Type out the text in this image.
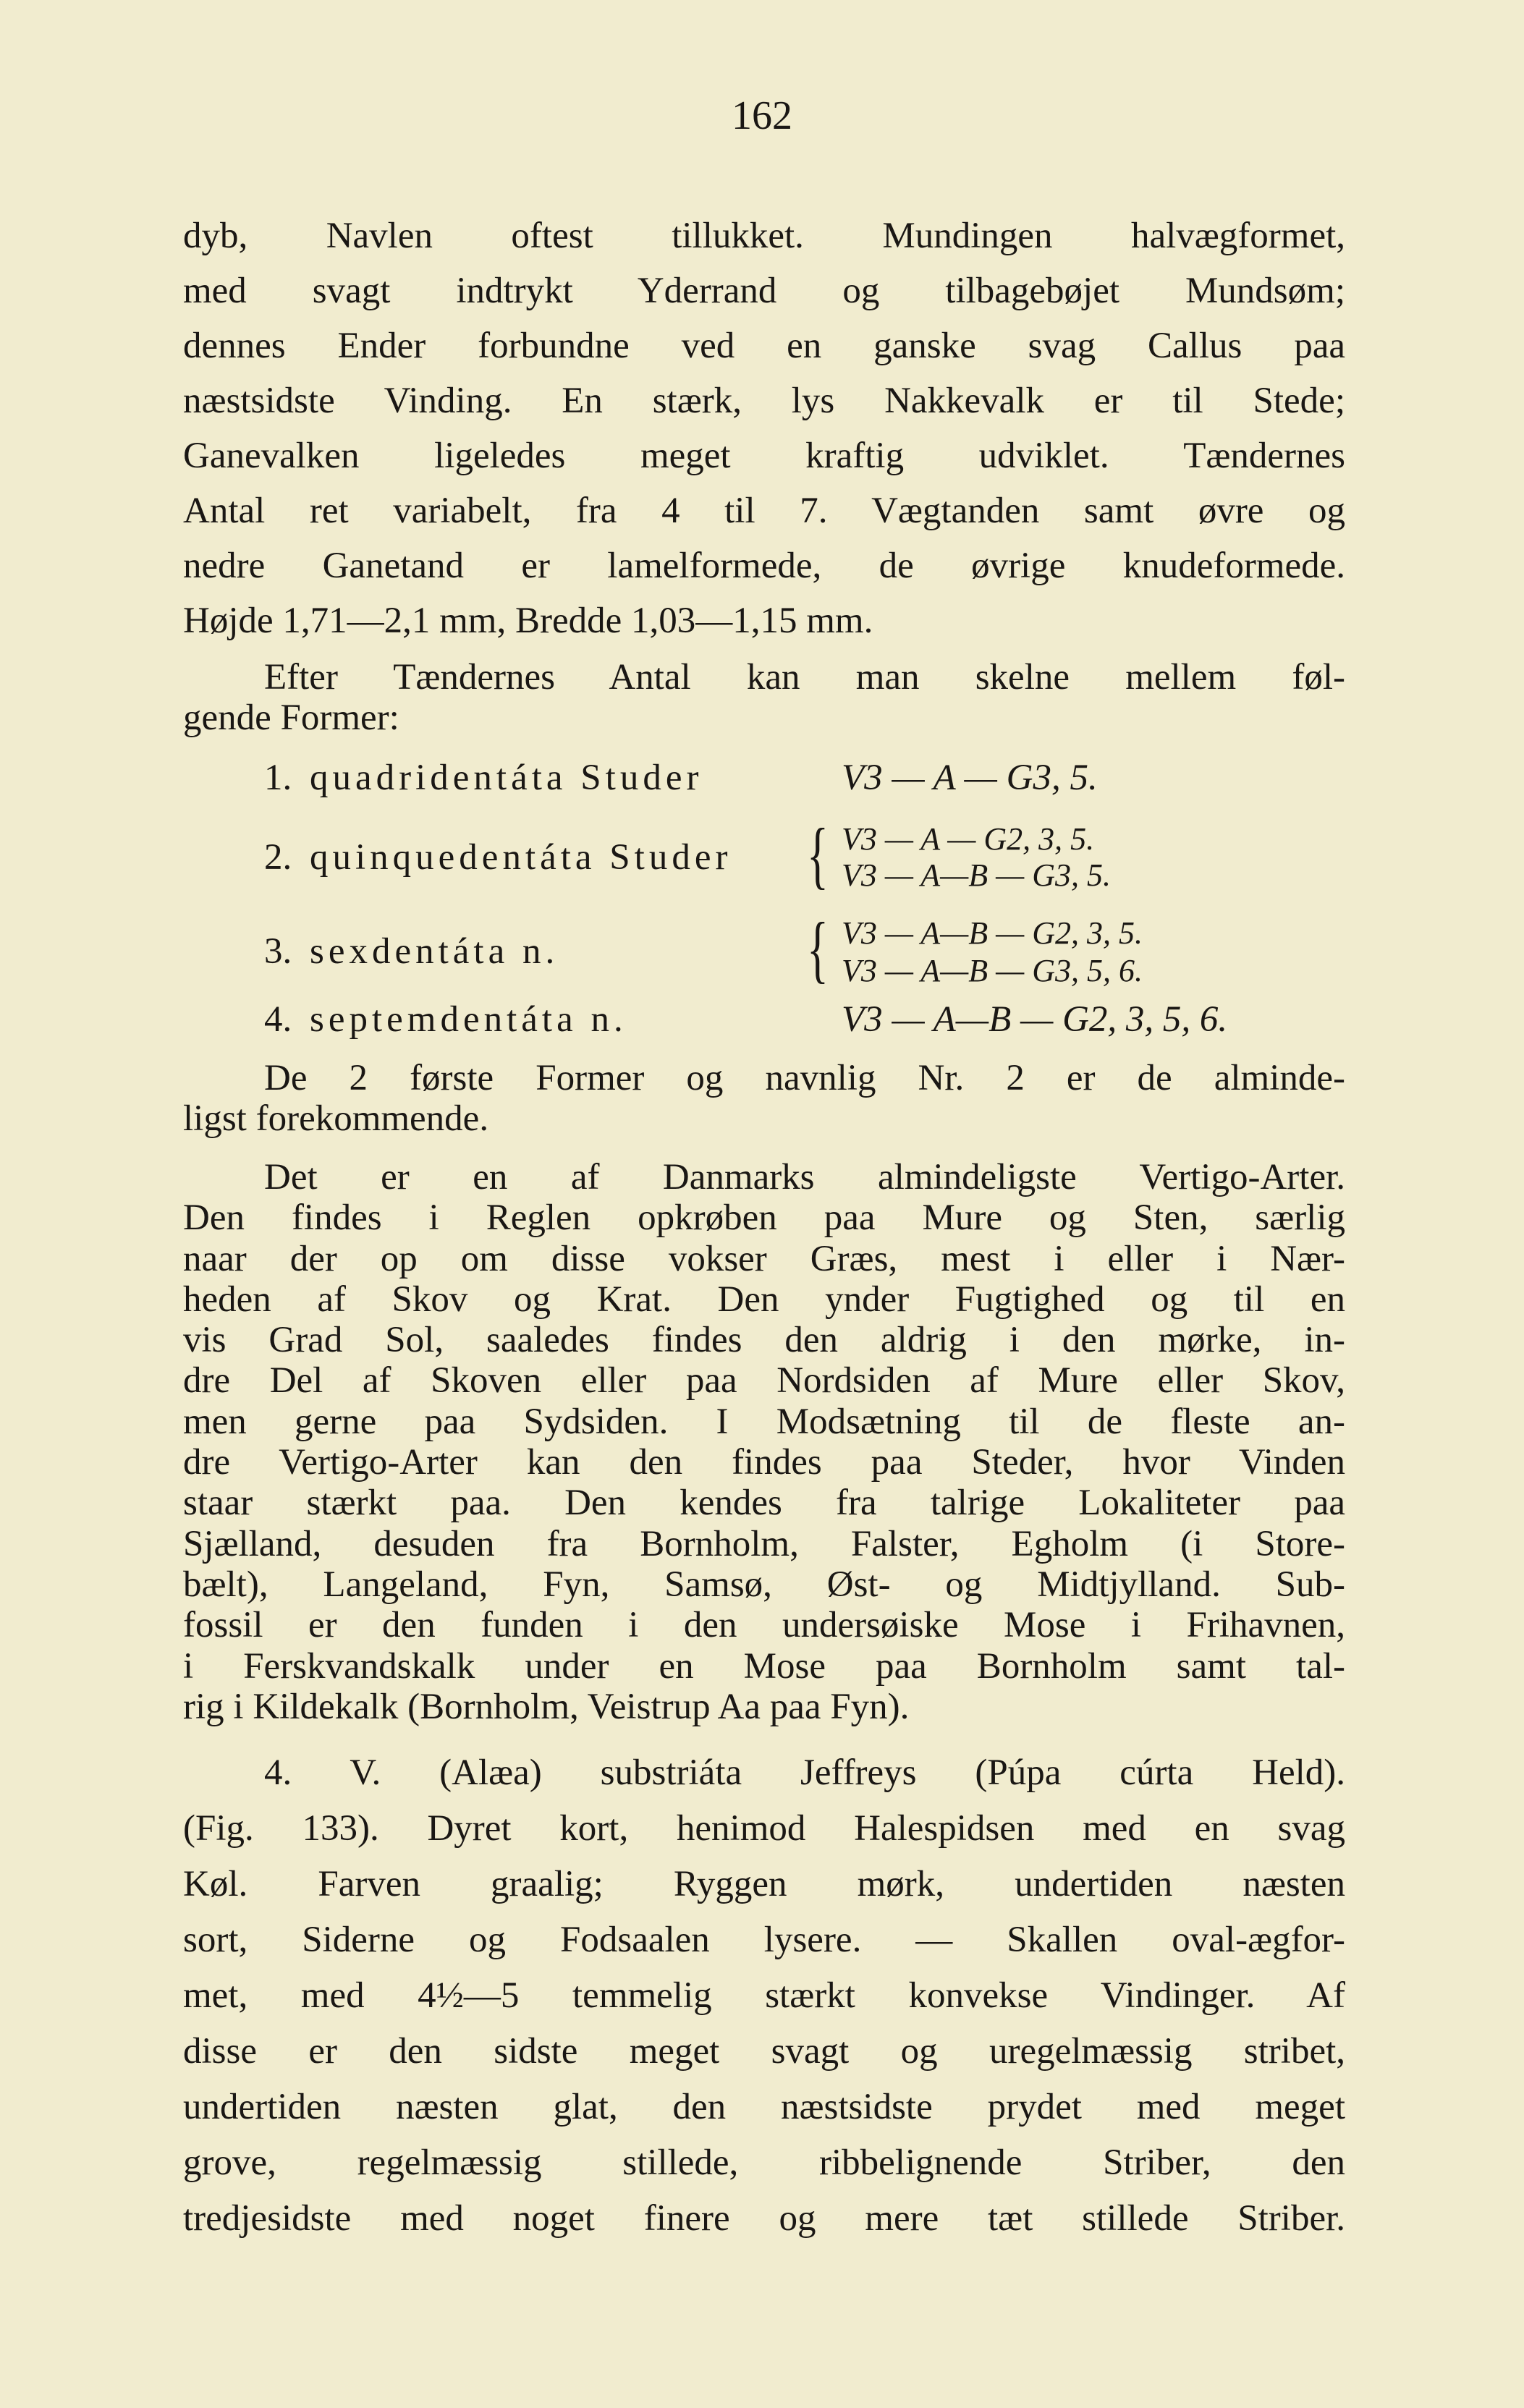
162
dyb, Navlen oftest tillukket. Mundingen halvægformet,
med svagt indtrykt Yderrand og tilbagebøjet Mundsøm;
dennes Ender forbundne ved en ganske svag Callus paa
næstsidste Vinding. En stærk, lys Nakkevalk er til Stede;
Ganevalken ligeledes meget kraftig udviklet. Tændernes
Antal ret variabelt, fra 4 til 7. Vægtanden samt øvre og
nedre Ganetand er lamelformede, de øvrige knudeformede.
Højde 1,71—2,1 mm, Bredde 1,03—1,15 mm.
Efter Tændernes Antal kan man skelne mellem føl-
gende Former:
1. quadridentáta Studer	V3 — A — G3, 5.
2. quinquedentáta Studer { V3 — A — G2, 3, 5.
V3 — A—B — G3, 5.
3. sexdentáta n.	{ V3 — A—B — G2, 3, 5.
V3 — A—B — G3, 5, 6.
4. septemdentáta n.	V3 — A—B — G2, 3, 5, 6.
De 2 første Former og navnlig Nr. 2 er de alminde-
ligst forekommende.
Det er en af Danmarks almindeligste Vertigo-Arter.
Den findes i Reglen opkrøben paa Mure og Sten, særlig
naar der op om disse vokser Græs, mest i eller i Nær-
heden af Skov og Krat. Den ynder Fugtighed og til en
vis Grad Sol, saaledes findes den aldrig i den mørke, in-
dre Del af Skoven eller paa Nordsiden af Mure eller Skov,
men gerne paa Sydsiden. I Modsætning til de fleste an-
dre Vertigo-Arter kan den findes paa Steder, hvor Vinden
staar stærkt paa. Den kendes fra talrige Lokaliteter paa
Sjælland, desuden fra Bornholm, Falster, Egholm (i Store-
bælt), Langeland, Fyn, Samsø, Øst- og Midtjylland. Sub-
fossil er den funden i den undersøiske Mose i Frihavnen,
i Ferskvandskalk under en Mose paa Bornholm samt tal-
rig i Kildekalk (Bornholm, Veistrup Aa paa Fyn).
4. V. (Alæa) substriáta Jeffreys (Púpa cúrta Held).
(Fig. 133). Dyret kort, henimod Halespidsen med en svag
Køl. Farven graalig; Ryggen mørk, undertiden næsten
sort, Siderne og Fodsaalen lysere. — Skallen oval-ægfor-
met, med 4½—5 temmelig stærkt konvekse Vindinger. Af
disse er den sidste meget svagt og uregelmæssig stribet,
undertiden næsten glat, den næstsidste prydet med meget
grove, regelmæssig stillede, ribbelignende Striber, den
tredjesidste med noget finere og mere tæt stillede Striber.
